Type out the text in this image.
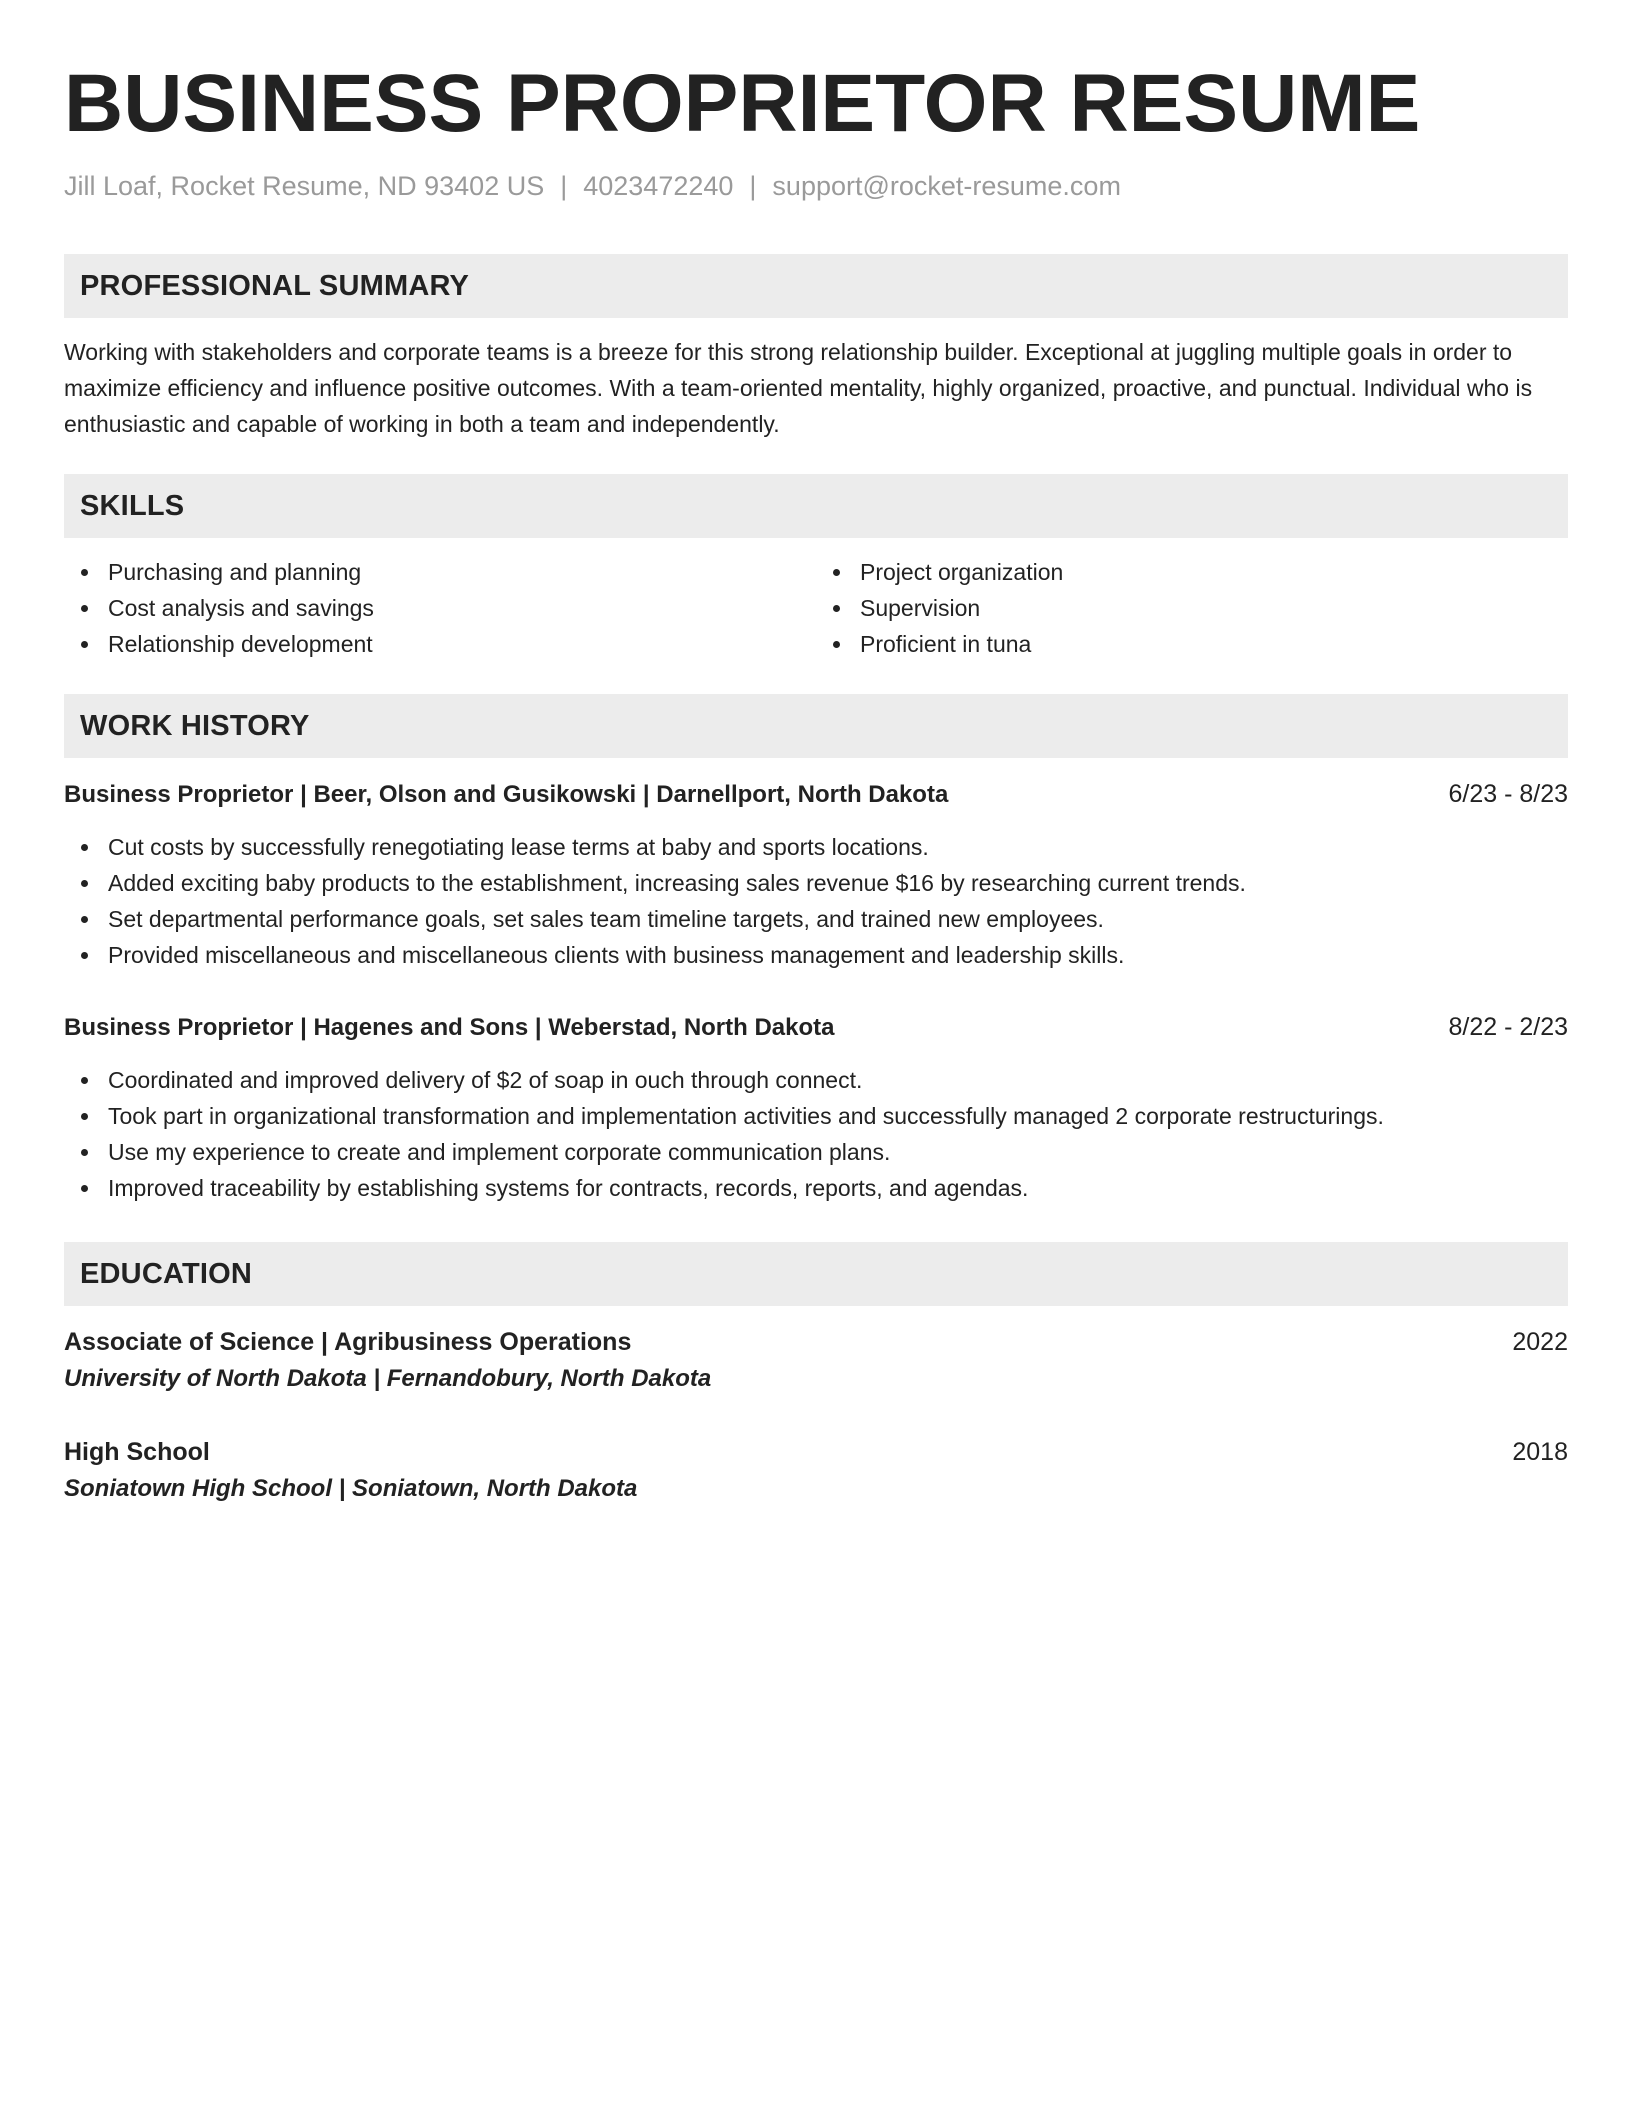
BUSINESS PROPRIETOR RESUME
Jill Loaf, Rocket Resume, ND 93402 US | 4023472240 | support@rocket-resume.com
PROFESSIONAL SUMMARY

Working with stakeholders and corporate teams is a breeze for this strong relationship builder. Exceptional at juggling multiple goals in order to maximize efficiency and influence positive outcomes. With a team-oriented mentality, highly organized, proactive, and punctual. Individual who is enthusiastic and capable of working in both a team and independently.

SKILLS
Purchasing and planning
Cost analysis and savings
Relationship development
Project organization
Supervision
Proficient in tuna
WORK HISTORY
Business Proprietor | Beer, Olson and Gusikowski | Darnellport, North Dakota	6/23 - 8/23
Cut costs by successfully renegotiating lease terms at baby and sports locations.
Added exciting baby products to the establishment, increasing sales revenue $16 by researching current trends.
Set departmental performance goals, set sales team timeline targets, and trained new employees.
Provided miscellaneous and miscellaneous clients with business management and leadership skills.
Business Proprietor | Hagenes and Sons | Weberstad, North Dakota	8/22 - 2/23
Coordinated and improved delivery of $2 of soap in ouch through connect.
Took part in organizational transformation and implementation activities and successfully managed 2 corporate restructurings.
Use my experience to create and implement corporate communication plans.
Improved traceability by establishing systems for contracts, records, reports, and agendas.
EDUCATION
Associate of Science | Agribusiness Operations	2022
University of North Dakota | Fernandobury, North Dakota
High School	2018
Soniatown High School | Soniatown, North Dakota
